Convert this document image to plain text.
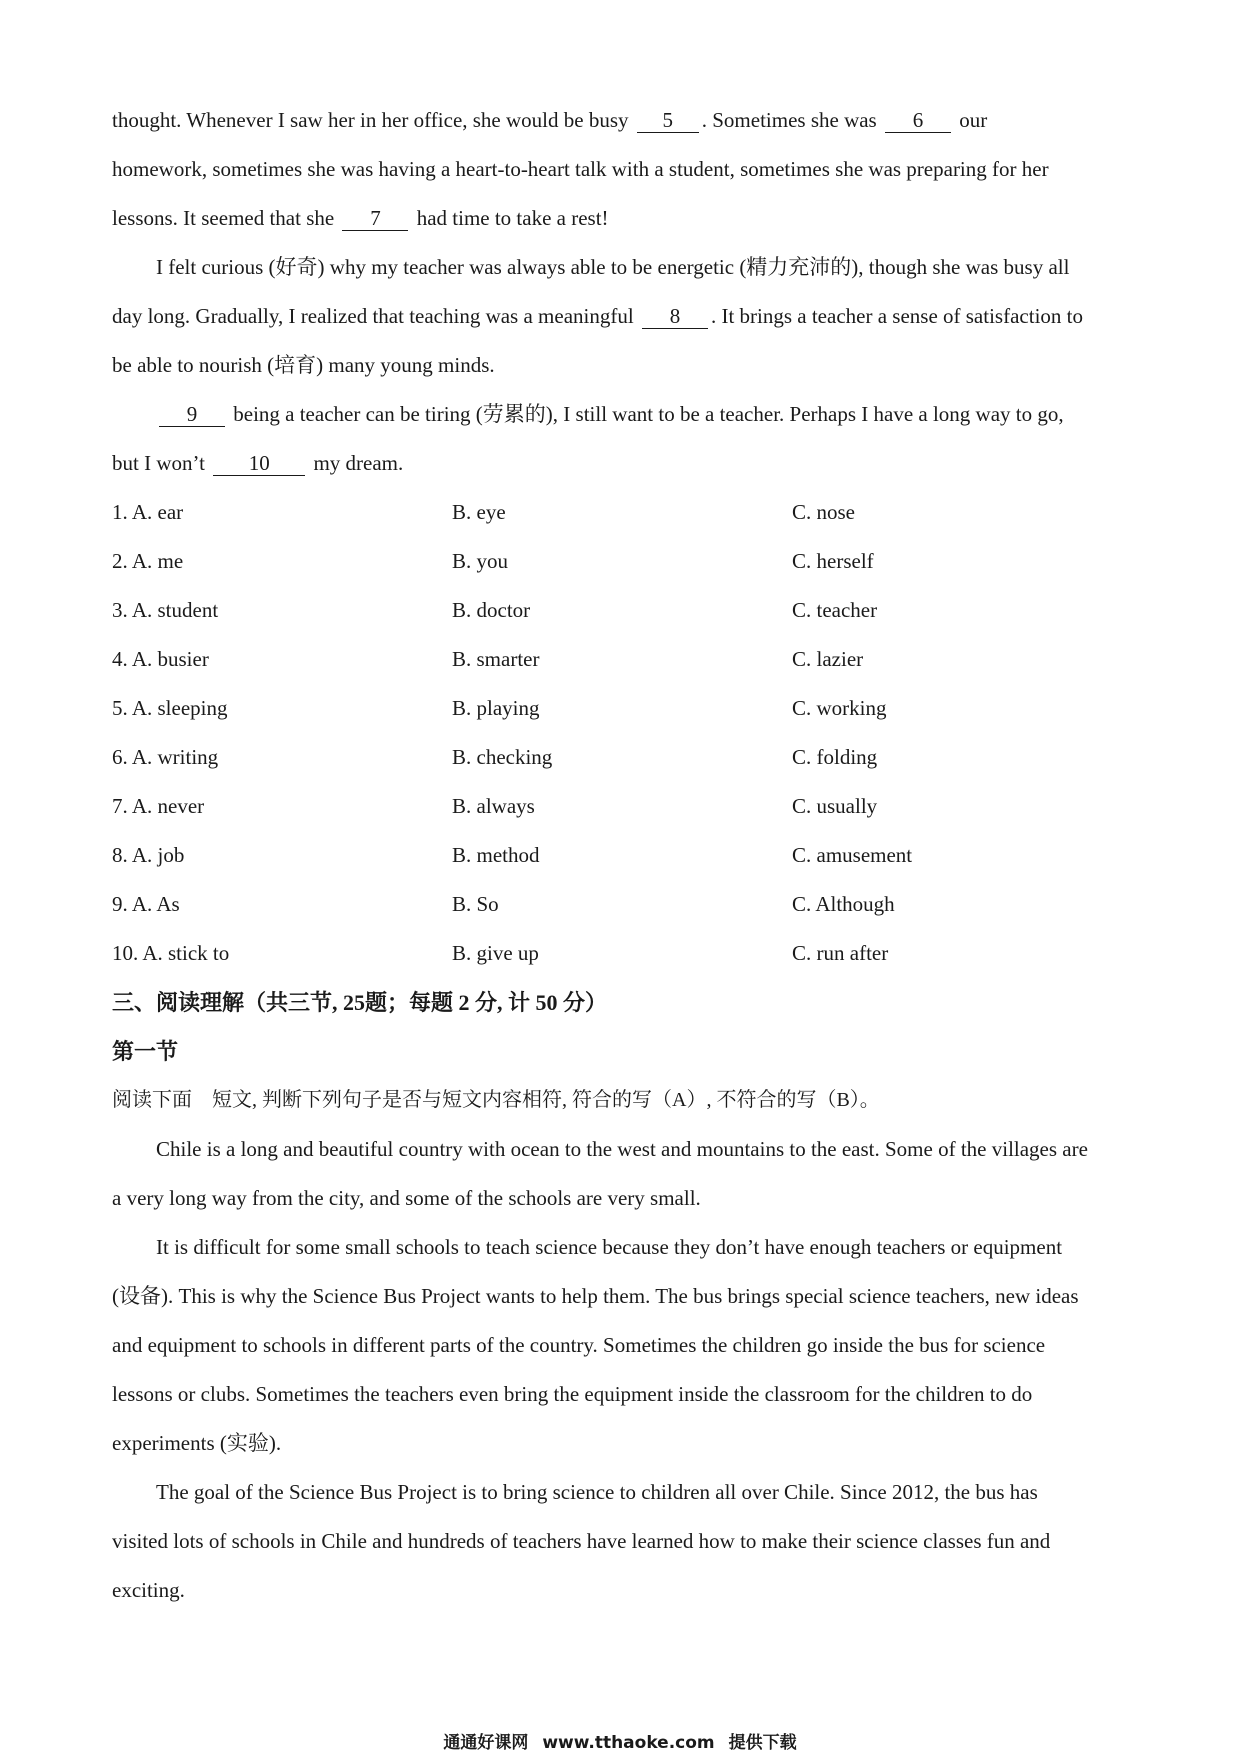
thought. Whenever I saw her in her office, she would be busy 5 . Sometimes she was 6 our
homework, sometimes she was having a heart-to-heart talk with a student, sometimes she was preparing for her
lessons. It seemed that she 7 had time to take a rest!
I felt curious (好奇) why my teacher was always able to be energetic (精力充沛的), though she was busy all
day long. Gradually, I realized that teaching was a meaningful 8 . It brings a teacher a sense of satisfaction to
be able to nourish (培育) many young minds.
9 being a teacher can be tiring (劳累的), I still want to be a teacher. Perhaps I have a long way to go,
but I won’t 10 my dream.
1. A. ear	B. eye	C. nose
2. A. me	B. you	C. herself
3. A. student	B. doctor	C. teacher
4. A. busier	B. smarter	C. lazier
5. A. sleeping	B. playing	C. working
6. A. writing	B. checking	C. folding
7. A. never	B. always	C. usually
8. A. job	B. method	C. amusement
9. A. As	B. So	C. Although
10. A. stick to	B. give up	C. run after
三、阅读理解（共三节, 25题；每题 2 分, 计 50 分）
第一节
阅读下面　短文, 判断下列句子是否与短文内容相符, 符合的写（A）, 不符合的写（B）。
Chile is a long and beautiful country with ocean to the west and mountains to the east. Some of the villages are
a very long way from the city, and some of the schools are very small.
It is difficult for some small schools to teach science because they don’t have enough teachers or equipment
(设备). This is why the Science Bus Project wants to help them. The bus brings special science teachers, new ideas
and equipment to schools in different parts of the country. Sometimes the children go inside the bus for science
lessons or clubs. Sometimes the teachers even bring the equipment inside the classroom for the children to do
experiments (实验).
The goal of the Science Bus Project is to bring science to children all over Chile. Since 2012, the bus has
visited lots of schools in Chile and hundreds of teachers have learned how to make their science classes fun and
exciting.
通通好课网 www.tthaoke.com 提供下载
